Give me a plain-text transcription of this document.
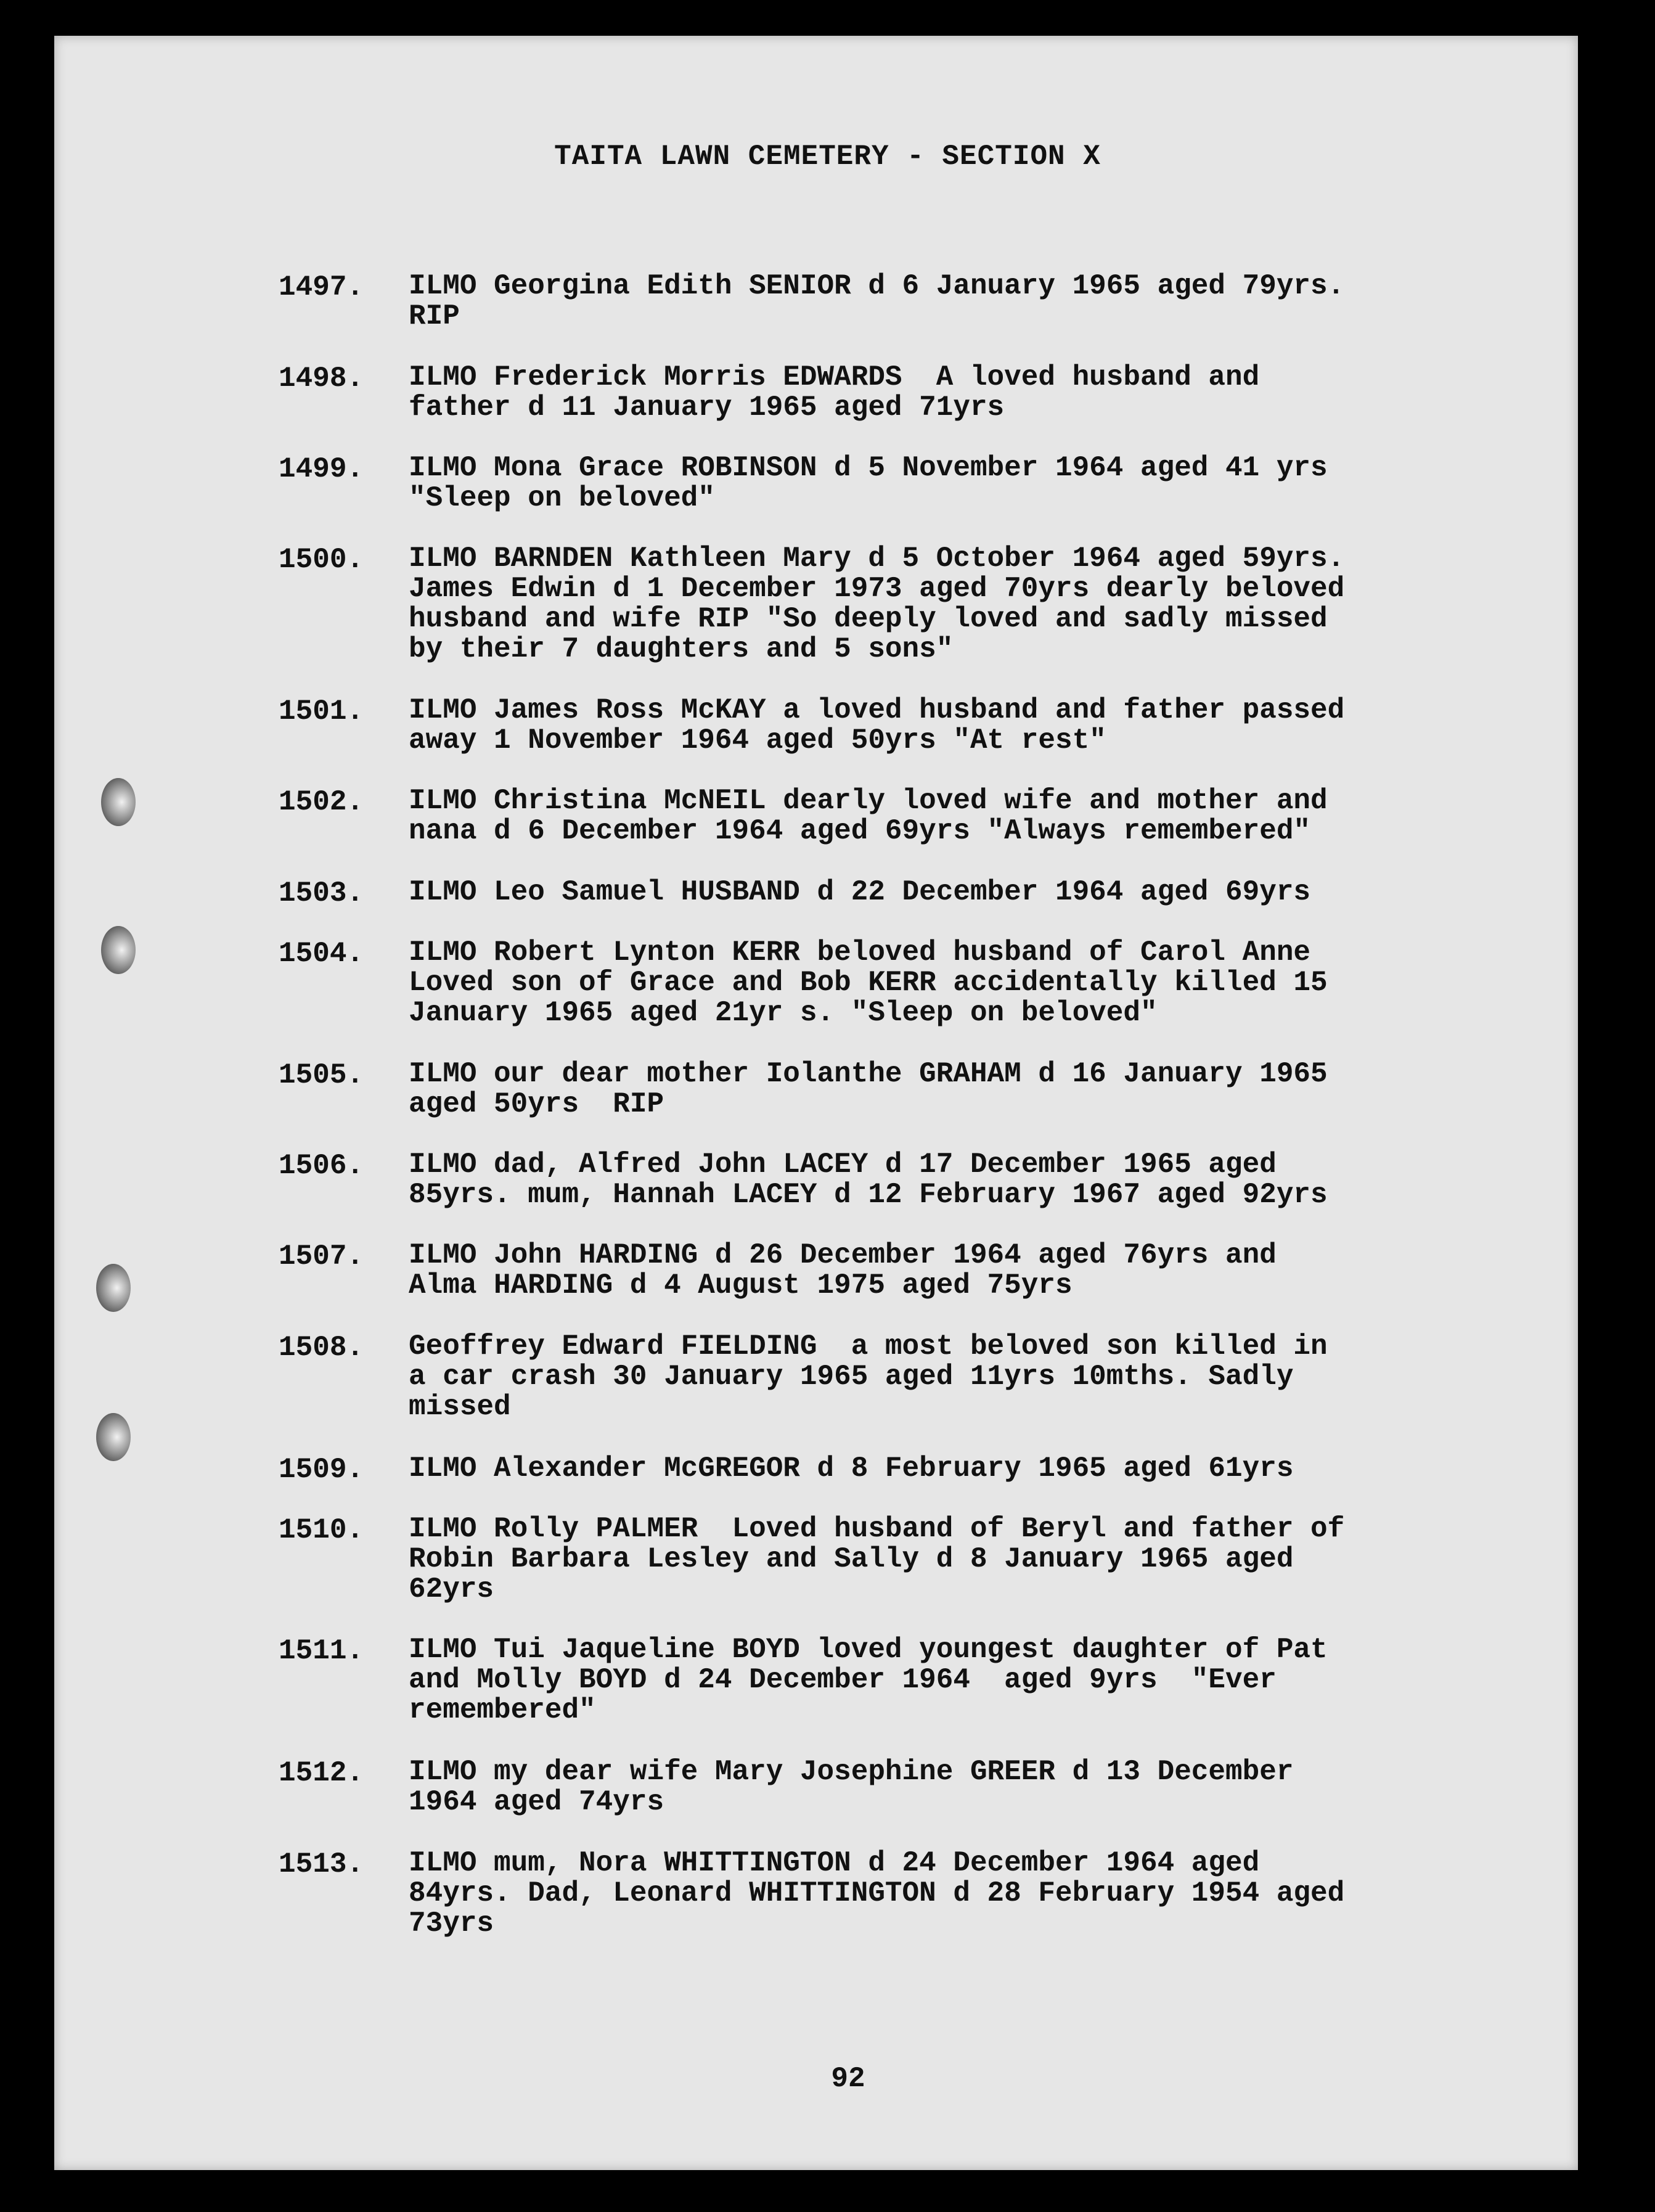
TAITA LAWN CEMETERY - SECTION X
1497. ILMO Georgina Edith SENIOR d 6 January 1965 aged 79yrs.
RIP
1498. ILMO Frederick Morris EDWARDS  A loved husband and
father d 11 January 1965 aged 71yrs
1499. ILMO Mona Grace ROBINSON d 5 November 1964 aged 41 yrs
"Sleep on beloved"
1500. ILMO BARNDEN Kathleen Mary d 5 October 1964 aged 59yrs.
James Edwin d 1 December 1973 aged 70yrs dearly beloved
husband and wife RIP "So deeply loved and sadly missed
by their 7 daughters and 5 sons"
1501. ILMO James Ross McKAY a loved husband and father passed
away 1 November 1964 aged 50yrs "At rest"
1502. ILMO Christina McNEIL dearly loved wife and mother and
nana d 6 December 1964 aged 69yrs "Always remembered"
1503. ILMO Leo Samuel HUSBAND d 22 December 1964 aged 69yrs
1504. ILMO Robert Lynton KERR beloved husband of Carol Anne
Loved son of Grace and Bob KERR accidentally killed 15
January 1965 aged 21yr s. "Sleep on beloved"
1505. ILMO our dear mother Iolanthe GRAHAM d 16 January 1965
aged 50yrs  RIP
1506. ILMO dad, Alfred John LACEY d 17 December 1965 aged
85yrs. mum, Hannah LACEY d 12 February 1967 aged 92yrs
1507. ILMO John HARDING d 26 December 1964 aged 76yrs and
Alma HARDING d 4 August 1975 aged 75yrs
1508. Geoffrey Edward FIELDING  a most beloved son killed in
a car crash 30 January 1965 aged 11yrs 10mths. Sadly
missed
1509. ILMO Alexander McGREGOR d 8 February 1965 aged 61yrs
1510. ILMO Rolly PALMER  Loved husband of Beryl and father of
Robin Barbara Lesley and Sally d 8 January 1965 aged
62yrs
1511. ILMO Tui Jaqueline BOYD loved youngest daughter of Pat
and Molly BOYD d 24 December 1964  aged 9yrs  "Ever
remembered"
1512. ILMO my dear wife Mary Josephine GREER d 13 December
1964 aged 74yrs
1513. ILMO mum, Nora WHITTINGTON d 24 December 1964 aged
84yrs. Dad, Leonard WHITTINGTON d 28 February 1954 aged
73yrs
92
